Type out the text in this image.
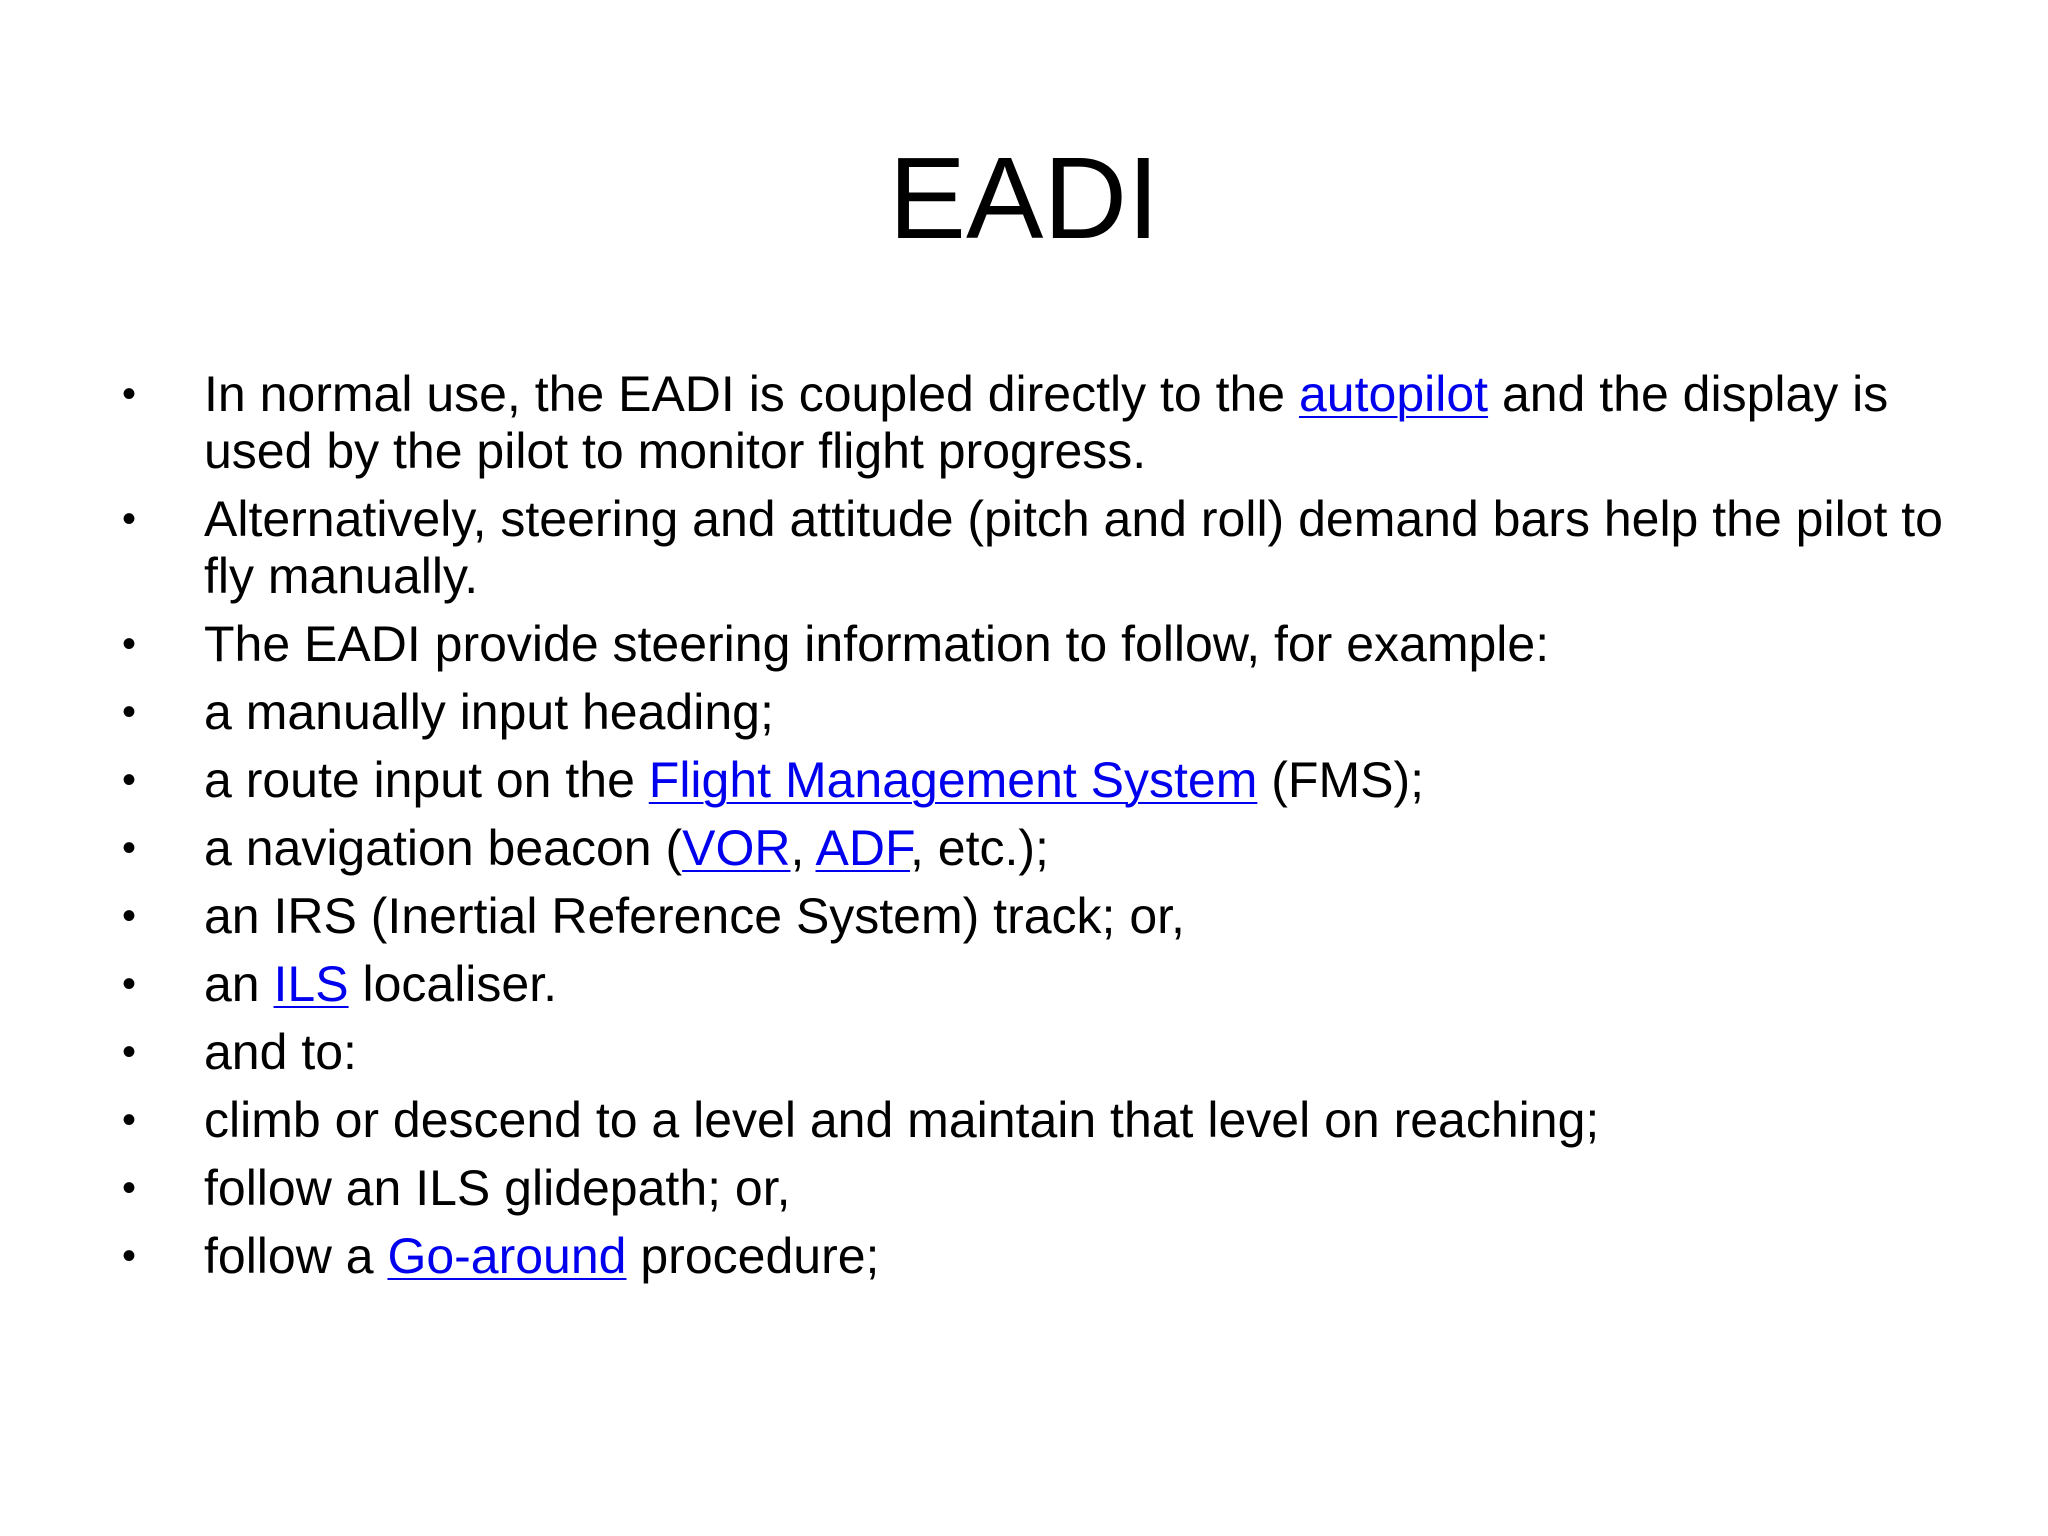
EADI
• In normal use, the EADI is coupled directly to the autopilot and the display is used by the pilot to monitor flight progress.
• Alternatively, steering and attitude (pitch and roll) demand bars help the pilot to fly manually.
• The EADI provide steering information to follow, for example:
• a manually input heading;
• a route input on the Flight Management System (FMS);
• a navigation beacon (VOR, ADF, etc.);
• an IRS (Inertial Reference System) track; or,
• an ILS localiser.
• and to:
• climb or descend to a level and maintain that level on reaching;
• follow an ILS glidepath; or,
• follow a Go-around procedure;
